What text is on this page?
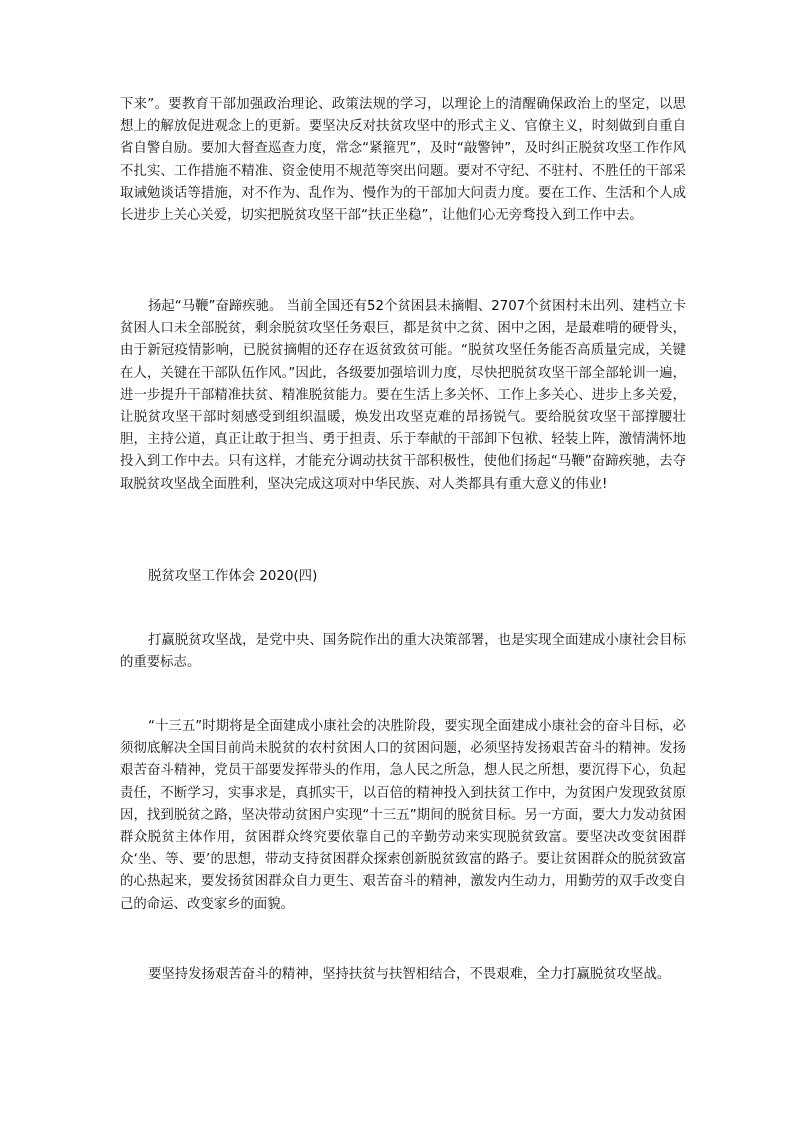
下来”。要教育干部加强政治理论、政策法规的学习，以理论上的清醒确保政治上的坚定，以思想上的解放促进观念上的更新。要坚决反对扶贫攻坚中的形式主义、官僚主义，时刻做到自重自省自警自励。要加大督查巡查力度，常念“紧箍咒”，及时“敲警钟”，及时纠正脱贫攻坚工作作风不扎实、工作措施不精准、资金使用不规范等突出问题。要对不守纪、不驻村、不胜任的干部采取诫勉谈话等措施，对不作为、乱作为、慢作为的干部加大问责力度。要在工作、生活和个人成长进步上关心关爱，切实把脱贫攻坚干部“扶正坐稳”，让他们心无旁骛投入到工作中去。

扬起“马鞭”奋蹄疾驰。 当前全国还有52个贫困县未摘帽、2707个贫困村未出列、建档立卡贫困人口未全部脱贫，剩余脱贫攻坚任务艰巨，都是贫中之贫、困中之困，是最难啃的硬骨头，由于新冠疫情影响，已脱贫摘帽的还存在返贫致贫可能。“脱贫攻坚任务能否高质量完成，关键在人，关键在干部队伍作风。”因此，各级要加强培训力度，尽快把脱贫攻坚干部全部轮训一遍，进一步提升干部精准扶贫、精准脱贫能力。要在生活上多关怀、工作上多关心、进步上多关爱，让脱贫攻坚干部时刻感受到组织温暖，焕发出攻坚克难的昂扬锐气。要给脱贫攻坚干部撑腰壮胆，主持公道，真正让敢于担当、勇于担责、乐于奉献的干部卸下包袱、轻装上阵，激情满怀地投入到工作中去。只有这样，才能充分调动扶贫干部积极性，使他们扬起“马鞭”奋蹄疾驰，去夺取脱贫攻坚战全面胜利，坚决完成这项对中华民族、对人类都具有重大意义的伟业!

脱贫攻坚工作体会 2020(四)

打赢脱贫攻坚战，是党中央、国务院作出的重大决策部署，也是实现全面建成小康社会目标的重要标志。

“十三五”时期将是全面建成小康社会的决胜阶段，要实现全面建成小康社会的奋斗目标，必须彻底解决全国目前尚未脱贫的农村贫困人口的贫困问题，必须坚持发扬艰苦奋斗的精神。发扬艰苦奋斗精神，党员干部要发挥带头的作用，急人民之所急，想人民之所想，要沉得下心，负起责任，不断学习，实事求是，真抓实干，以百倍的精神投入到扶贫工作中，为贫困户发现致贫原因，找到脱贫之路，坚决带动贫困户实现“十三五”期间的脱贫目标。另一方面，要大力发动贫困群众脱贫主体作用，贫困群众终究要依靠自己的辛勤劳动来实现脱贫致富。要坚决改变贫困群众‘坐、等、要’的思想，带动支持贫困群众探索创新脱贫致富的路子。要让贫困群众的脱贫致富的心热起来，要发扬贫困群众自力更生、艰苦奋斗的精神，激发内生动力，用勤劳的双手改变自己的命运、改变家乡的面貌。

要坚持发扬艰苦奋斗的精神，坚持扶贫与扶智相结合，不畏艰难，全力打赢脱贫攻坚战。
